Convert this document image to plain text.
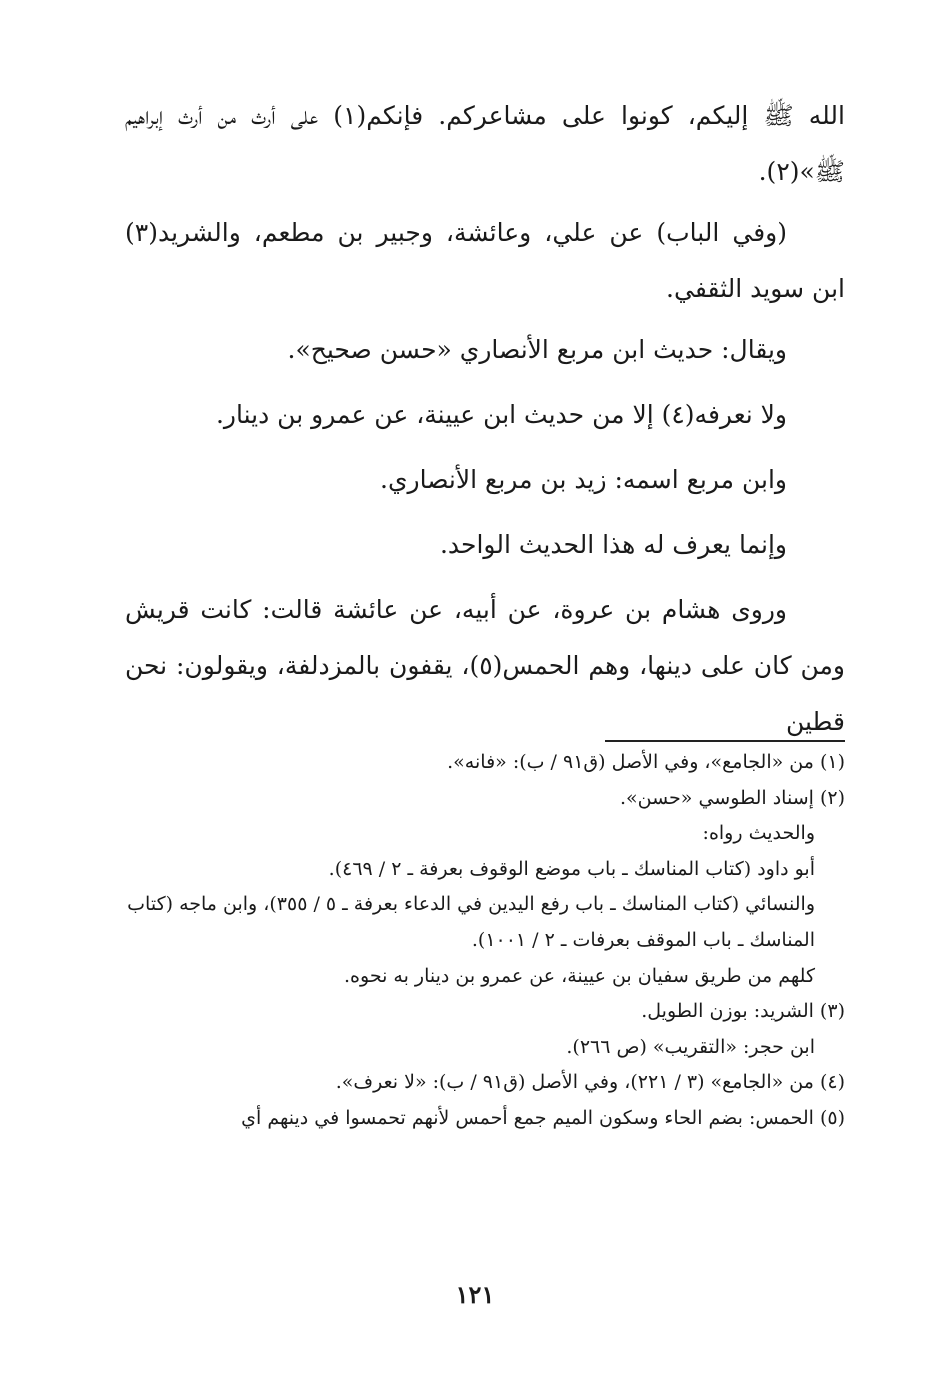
الله ﷺ إليكم، كونوا على مشاعركم. فإنكم(١) على أرث من أرث إبراهيم ﷺ»(٢).

(وفي الباب) عن علي، وعائشة، وجبير بن مطعم، والشريد(٣) ابن سويد الثقفي.

ويقال: حديث ابن مربع الأنصاري «حسن صحيح».

ولا نعرفه(٤) إلا من حديث ابن عيينة، عن عمرو بن دينار.

وابن مربع اسمه: زيد بن مربع الأنصاري.

وإنما يعرف له هذا الحديث الواحد.

وروى هشام بن عروة، عن أبيه، عن عائشة قالت: كانت قريش ومن كان على دينها، وهم الحمس(٥)، يقفون بالمزدلفة، ويقولون: نحن قطين

(١) من «الجامع»، وفي الأصل (ق٩١ / ب): «فانه».

(٢) إسناد الطوسي «حسن».

والحديث رواه:

أبو داود (كتاب المناسك ـ باب موضع الوقوف بعرفة ـ ٢ / ٤٦٩).

والنسائي (كتاب المناسك ـ باب رفع اليدين في الدعاء بعرفة ـ ٥ / ٣٥٥)، وابن ماجه (كتاب المناسك ـ باب الموقف بعرفات ـ ٢ / ١٠٠١).

كلهم من طريق سفيان بن عيينة، عن عمرو بن دينار به نحوه.

(٣) الشريد: بوزن الطويل.

ابن حجر: «التقريب» (ص ٢٦٦).

(٤) من «الجامع» (٣ / ٢٢١)، وفي الأصل (ق٩١ / ب): «لا نعرف».

(٥) الحمس: بضم الحاء وسكون الميم جمع أحمس لأنهم تحمسوا في دينهم أي

١٢١
